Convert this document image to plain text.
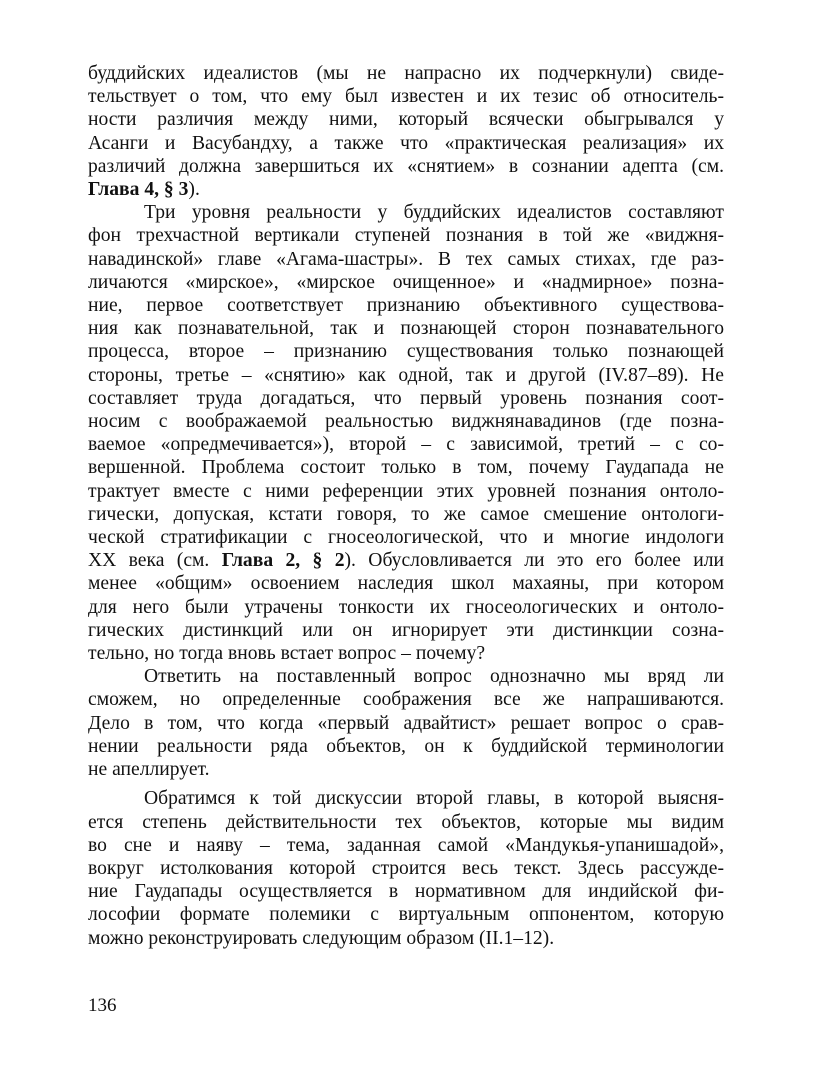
буддийских идеалистов (мы не напрасно их подчеркнули) свиде-
тельствует о том, что ему был известен и их тезис об относитель-
ности различия между ними, который всячески обыгрывался у
Асанги и Васубандху, а также что «практическая реализация» их
различий должна завершиться их «снятием» в сознании адепта (см.
Глава 4, § 3).
Три уровня реальности у буддийских идеалистов составляют
фон трехчастной вертикали ступеней познания в той же «виджня-
навадинской» главе «Агама-шастры». В тех самых стихах, где раз-
личаются «мирское», «мирское очищенное» и «надмирное» позна-
ние, первое соответствует признанию объективного существова-
ния как познавательной, так и познающей сторон познавательного
процесса, второе – признанию существования только познающей
стороны, третье – «снятию» как одной, так и другой (IV.87–89). Не
составляет труда догадаться, что первый уровень познания соот-
носим с воображаемой реальностью виджнянавадинов (где позна-
ваемое «опредмечивается»), второй – с зависимой, третий – с со-
вершенной. Проблема состоит только в том, почему Гаудапада не
трактует вместе с ними референции этих уровней познания онтоло-
гически, допуская, кстати говоря, то же самое смешение онтологи-
ческой стратификации с гносеологической, что и многие индологи
XX века (см. Глава 2, § 2). Обусловливается ли это его более или
менее «общим» освоением наследия школ махаяны, при котором
для него были утрачены тонкости их гносеологических и онтоло-
гических дистинкций или он игнорирует эти дистинкции созна-
тельно, но тогда вновь встает вопрос – почему?
Ответить на поставленный вопрос однозначно мы вряд ли
сможем, но определенные соображения все же напрашиваются.
Дело в том, что когда «первый адвайтист» решает вопрос о срав-
нении реальности ряда объектов, он к буддийской терминологии
не апеллирует.
Обратимся к той дискуссии второй главы, в которой выясня-
ется степень действительности тех объектов, которые мы видим
во сне и наяву – тема, заданная самой «Мандукья-упанишадой»,
вокруг истолкования которой строится весь текст. Здесь рассужде-
ние Гаудапады осуществляется в нормативном для индийской фи-
лософии формате полемики с виртуальным оппонентом, которую
можно реконструировать следующим образом (II.1–12).
136
